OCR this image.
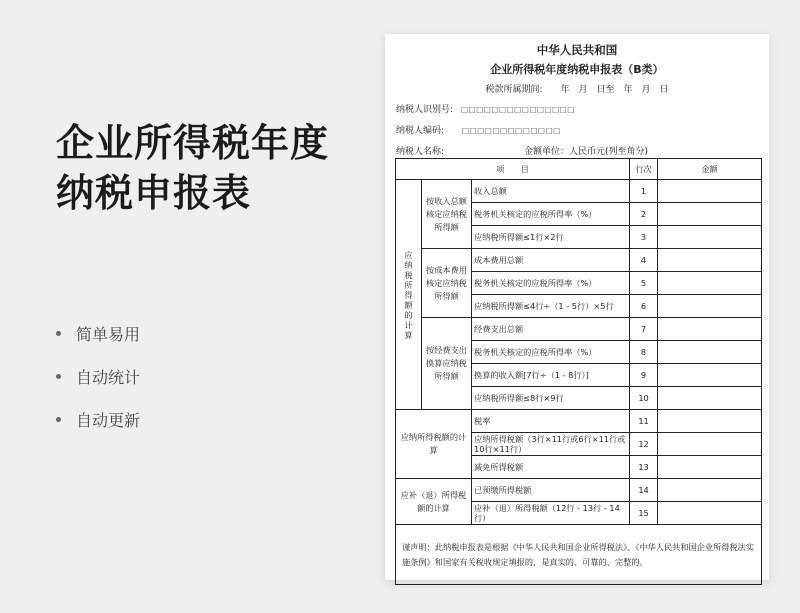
企业所得税年度
纳税申报表
简单易用
自动统计
自动更新
中华人民共和国
企业所得税年度纳税申报表（B类）
税款所属期间:　　年　月　日至　年　月　日
纳税人识别号: □□□□□□□□□□□□□□□
纳税人编码: □□□□□□□□□□□□□
纳税人名称:	金额单位：人民币元(列至角分)
项　　目			行次	金额
应纳税所得额的计算	按收入总额核定应纳税所得额	收入总额	1	
		税务机关核定的应税所得率（%）	2	
		应纳税所得额≤1行×2行	3	
	按成本费用核定应纳税所得额	成本费用总额	4	
		税务机关核定的应税所得率（%）	5	
		应纳税所得额≤4行÷（1 - 5行）×5行	6	
	按经费支出换算应纳税所得额	经费支出总额	7	
		税务机关核定的应税所得率（%）	8	
		换算的收入额[7行÷（1 - 8行）]	9	
		应纳税所得额≤8行×9行	10	
应纳所得税额的计算		税率	11	
		应纳所得税额（3行×11行或6行×11行或10行×11行）	12	
		减免所得税额	13	
应补（退）所得税额的计算		已预缴所得税额	14	
		应补（退）所得税额（12行 - 13行 - 14行）	15	
谨声明：此纳税申报表是根据《中华人民共和国企业所得税法》、《中华人民共和国企业所得税法实施条例》和国家有关税收规定填报的，是真实的、可靠的、完整的。				
